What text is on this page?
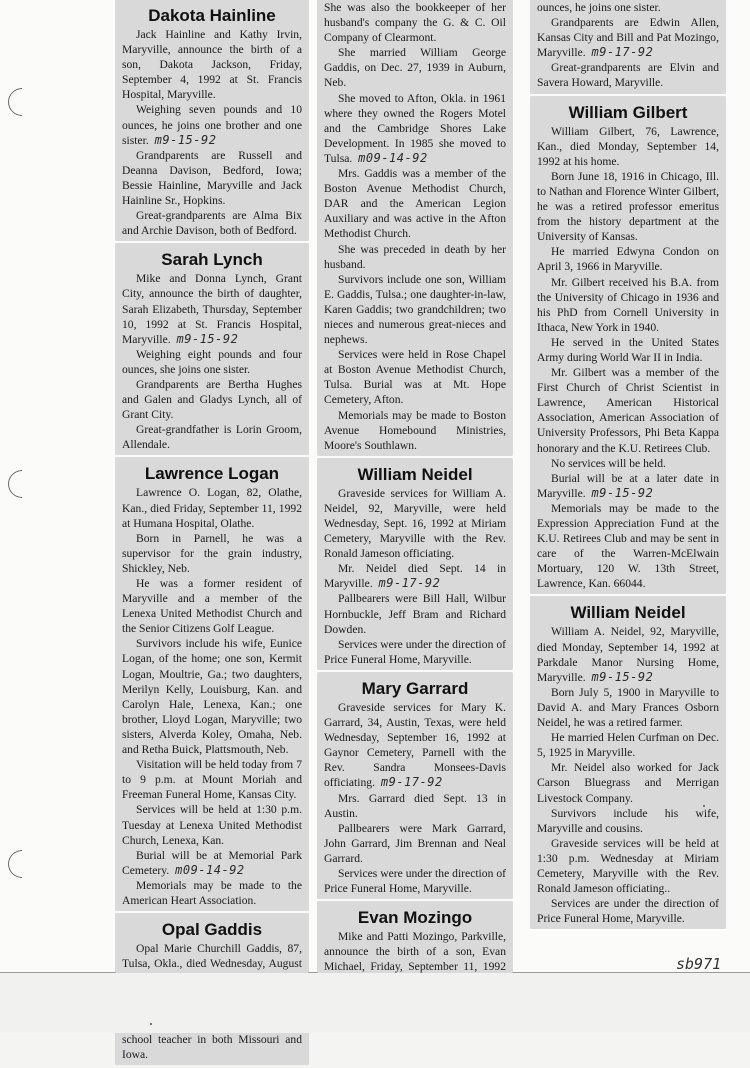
Dakota Hainline

Jack Hainline and Kathy Irvin, Maryville, announce the birth of a son, Dakota Jackson, Friday, September 4, 1992 at St. Francis Hospital, Maryville.

Weighing seven pounds and 10 ounces, he joins one brother and one sister. m9-15-92

Grandparents are Russell and Deanna Davison, Bedford, Iowa; Bessie Hainline, Maryville and Jack Hainline Sr., Hopkins.

Great-grandparents are Alma Bix and Archie Davison, both of Bedford.

Sarah Lynch

Mike and Donna Lynch, Grant City, announce the birth of daughter, Sarah Elizabeth, Thursday, September 10, 1992 at St. Francis Hospital, Maryville. m9-15-92

Weighing eight pounds and four ounces, she joins one sister.

Grandparents are Bertha Hughes and Galen and Gladys Lynch, all of Grant City.

Great-grandfather is Lorin Groom, Allendale.

Lawrence Logan

Lawrence O. Logan, 82, Olathe, Kan., died Friday, September 11, 1992 at Humana Hospital, Olathe.

Born in Parnell, he was a supervisor for the grain industry, Shickley, Neb.

He was a former resident of Maryville and a member of the Lenexa United Methodist Church and the Senior Citizens Golf League.

Survivors include his wife, Eunice Logan, of the home; one son, Kermit Logan, Moultrie, Ga.; two daughters, Merilyn Kelly, Louisburg, Kan. and Carolyn Hale, Lenexa, Kan.; one brother, Lloyd Logan, Maryville; two sisters, Alverda Koley, Omaha, Neb. and Retha Buick, Plattsmouth, Neb.

Visitation will be held today from 7 to 9 p.m. at Mount Moriah and Freeman Funeral Home, Kansas City.

Services will be held at 1:30 p.m. Tuesday at Lenexa United Methodist Church, Lenexa, Kan.

Burial will be at Memorial Park Cemetery. m09-14-92

Memorials may be made to the American Heart Association.

Opal Gaddis

Opal Marie Churchill Gaddis, 87, Tulsa, Okla., died Wednesday, August

school teacher in both Missouri and Iowa.

She was also the bookkeeper of her husband's company the G. & C. Oil Company of Clearmont.

She married William George Gaddis, on Dec. 27, 1939 in Auburn, Neb.

She moved to Afton, Okla. in 1961 where they owned the Rogers Motel and the Cambridge Shores Lake Development. In 1985 she moved to Tulsa. m09-14-92

Mrs. Gaddis was a member of the Boston Avenue Methodist Church, DAR and the American Legion Auxiliary and was active in the Afton Methodist Church.

She was preceded in death by her husband.

Survivors include one son, William E. Gaddis, Tulsa.; one daughter-in-law, Karen Gaddis; two grandchildren; two nieces and numerous great-nieces and nephews.

Services were held in Rose Chapel at Boston Avenue Methodist Church, Tulsa. Burial was at Mt. Hope Cemetery, Afton.

Memorials may be made to Boston Avenue Homebound Ministries, Moore's Southlawn.

William Neidel

Graveside services for William A. Neidel, 92, Maryville, were held Wednesday, Sept. 16, 1992 at Miriam Cemetery, Maryville with the Rev. Ronald Jameson officiating.

Mr. Neidel died Sept. 14 in Maryville. m9-17-92

Pallbearers were Bill Hall, Wilbur Hornbuckle, Jeff Bram and Richard Dowden.

Services were under the direction of Price Funeral Home, Maryville.

Mary Garrard

Graveside services for Mary K. Garrard, 34, Austin, Texas, were held Wednesday, September 16, 1992 at Gaynor Cemetery, Parnell with the Rev. Sandra Monsees-Davis officiating. m9-17-92

Mrs. Garrard died Sept. 13 in Austin.

Pallbearers were Mark Garrard, John Garrard, Jim Brennan and Neal Garrard.

Services were under the direction of Price Funeral Home, Maryville.

Evan Mozingo

Mike and Patti Mozingo, Parkville, announce the birth of a son, Evan Michael, Friday, September 11, 1992

ounces, he joins one sister.

Grandparents are Edwin Allen, Kansas City and Bill and Pat Mozingo, Maryville. m9-17-92

Great-grandparents are Elvin and Savera Howard, Maryville.

William Gilbert

William Gilbert, 76, Lawrence, Kan., died Monday, September 14, 1992 at his home.

Born June 18, 1916 in Chicago, Ill. to Nathan and Florence Winter Gilbert, he was a retired professor emeritus from the history department at the University of Kansas.

He married Edwyna Condon on April 3, 1966 in Maryville.

Mr. Gilbert received his B.A. from the University of Chicago in 1936 and his PhD from Cornell University in Ithaca, New York in 1940.

He served in the United States Army during World War II in India.

Mr. Gilbert was a member of the First Church of Christ Scientist in Lawrence, American Historical Association, American Association of University Professors, Phi Beta Kappa honorary and the K.U. Retirees Club.

No services will be held.

Burial will be at a later date in Maryville. m9-15-92

Memorials may be made to the Expression Appreciation Fund at the K.U. Retirees Club and may be sent in care of the Warren-McElwain Mortuary, 120 W. 13th Street, Lawrence, Kan. 66044.

William Neidel

William A. Neidel, 92, Maryville, died Monday, September 14, 1992 at Parkdale Manor Nursing Home, Maryville. m9-15-92

Born July 5, 1900 in Maryville to David A. and Mary Frances Osborn Neidel, he was a retired farmer.

He married Helen Curfman on Dec. 5, 1925 in Maryville.

Mr. Neidel also worked for Jack Carson Bluegrass and Merrigan Livestock Company.

Survivors include his wife, Maryville and cousins.

Graveside services will be held at 1:30 p.m. Wednesday at Miriam Cemetery, Maryville with the Rev. Ronald Jameson officiating..

Services are under the direction of Price Funeral Home, Maryville.

sb971
